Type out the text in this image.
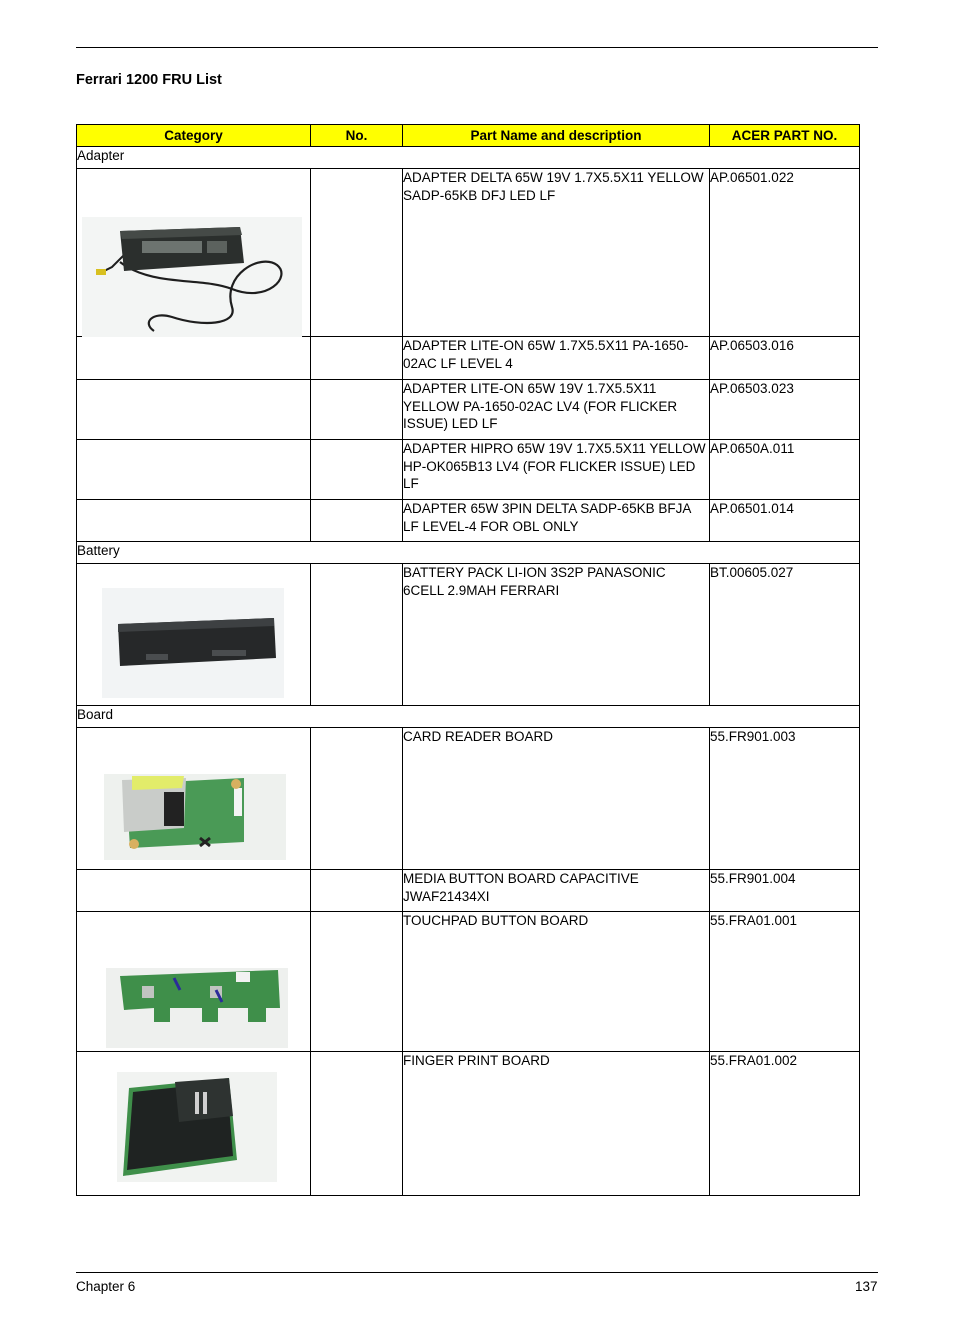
Ferrari 1200 FRU List
Category	No.	Part Name and description	ACER PART NO.
Adapter			

		ADAPTER DELTA 65W 19V 1.7X5.5X11 YELLOW SADP-65KB DFJ LED LF	AP.06501.022
		ADAPTER LITE-ON 65W 1.7X5.5X11 PA-1650-02AC LF LEVEL 4	AP.06503.016
		ADAPTER LITE-ON 65W 19V 1.7X5.5X11 YELLOW PA-1650-02AC LV4 (FOR FLICKER ISSUE) LED LF	AP.06503.023
		ADAPTER HIPRO 65W 19V 1.7X5.5X11 YELLOW HP-OK065B13 LV4 (FOR FLICKER ISSUE) LED LF	AP.0650A.011
		ADAPTER 65W 3PIN DELTA SADP-65KB BFJA LF LEVEL-4 FOR OBL ONLY	AP.06501.014
Battery			

		BATTERY PACK LI-ION 3S2P PANASONIC 6CELL 2.9MAH FERRARI	BT.00605.027
Board			

		CARD READER BOARD	55.FR901.003
		MEDIA BUTTON BOARD CAPACITIVE JWAF21434XI	55.FR901.004

		TOUCHPAD BUTTON BOARD	55.FRA01.001

		FINGER PRINT BOARD	55.FRA01.002
Chapter 6	137
